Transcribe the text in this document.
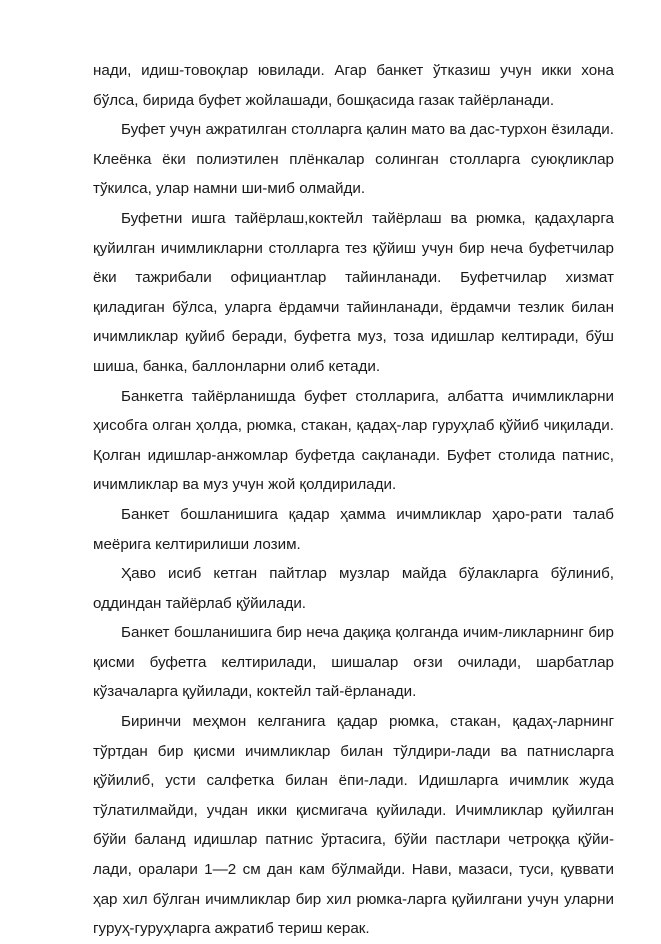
нади, идиш-товоқлар ювилади. Агар банкет ўтказиш учун икки хона бўлса, бирида буфет жойлашади, бошқасида газак тайёрланади.

Буфет учун ажратилган столларга қалин мато ва дас-турхон ёзилади. Клеёнка ёки полиэтилен плёнкалар солинган столларга суюқликлар тўкилса, улар намни ши-миб олмайди.

Буфетни ишга тайёрлаш,коктейл тайёрлаш ва рюмка, қадаҳларга қуйилган ичимликларни столларга тез қўйиш учун бир неча буфетчилар ёки тажрибали официантлар тайинланади. Буфетчилар хизмат қиладиган бўлса, уларга ёрдамчи тайинланади, ёрдамчи тезлик билан ичимликлар қуйиб беради, буфетга муз, тоза идишлар келтиради, бўш шиша, банка, баллонларни олиб кетади.

Банкетга тайёрланишда буфет столларига, албатта ичимликларни ҳисобга олган ҳолда, рюмка, стакан, қадаҳ-лар гуруҳлаб қўйиб чиқилади. Қолган идишлар-анжомлар буфетда сақланади. Буфет столида патнис, ичимликлар ва муз учун жой қолдирилади.

Банкет бошланишига қадар ҳамма ичимликлар ҳаро-рати талаб меёрига келтирилиши лозим.

Ҳаво исиб кетган пайтлар музлар майда бўлакларга бўлиниб, оддиндан тайёрлаб қўйилади.

Банкет бошланишига бир неча дақиқа қолганда ичим-ликларнинг бир қисми буфетга келтирилади, шишалар оғзи очилади, шарбатлар кўзачаларга қуйилади, коктейл тай-ёрланади.

Биринчи меҳмон келганига қадар рюмка, стакан, қадаҳ-ларнинг тўртдан бир қисми ичимликлар билан тўлдири-лади ва патнисларга қўйилиб, усти салфетка билан ёпи-лади. Идишларга ичимлик жуда тўлатилмайди, учдан икки қисмигача қуйилади. Ичимликлар қуйилган бўйи баланд идишлар патнис ўртасига, бўйи пастлари четроққа қўйи-лади, оралари 1—2 см дан кам бўлмайди. Нави, мазаси, туси, қуввати ҳар хил бўлган ичимликлар бир хил рюмка-ларга қуйилгани учун уларни гуруҳ-гуруҳларга ажратиб териш керак.
